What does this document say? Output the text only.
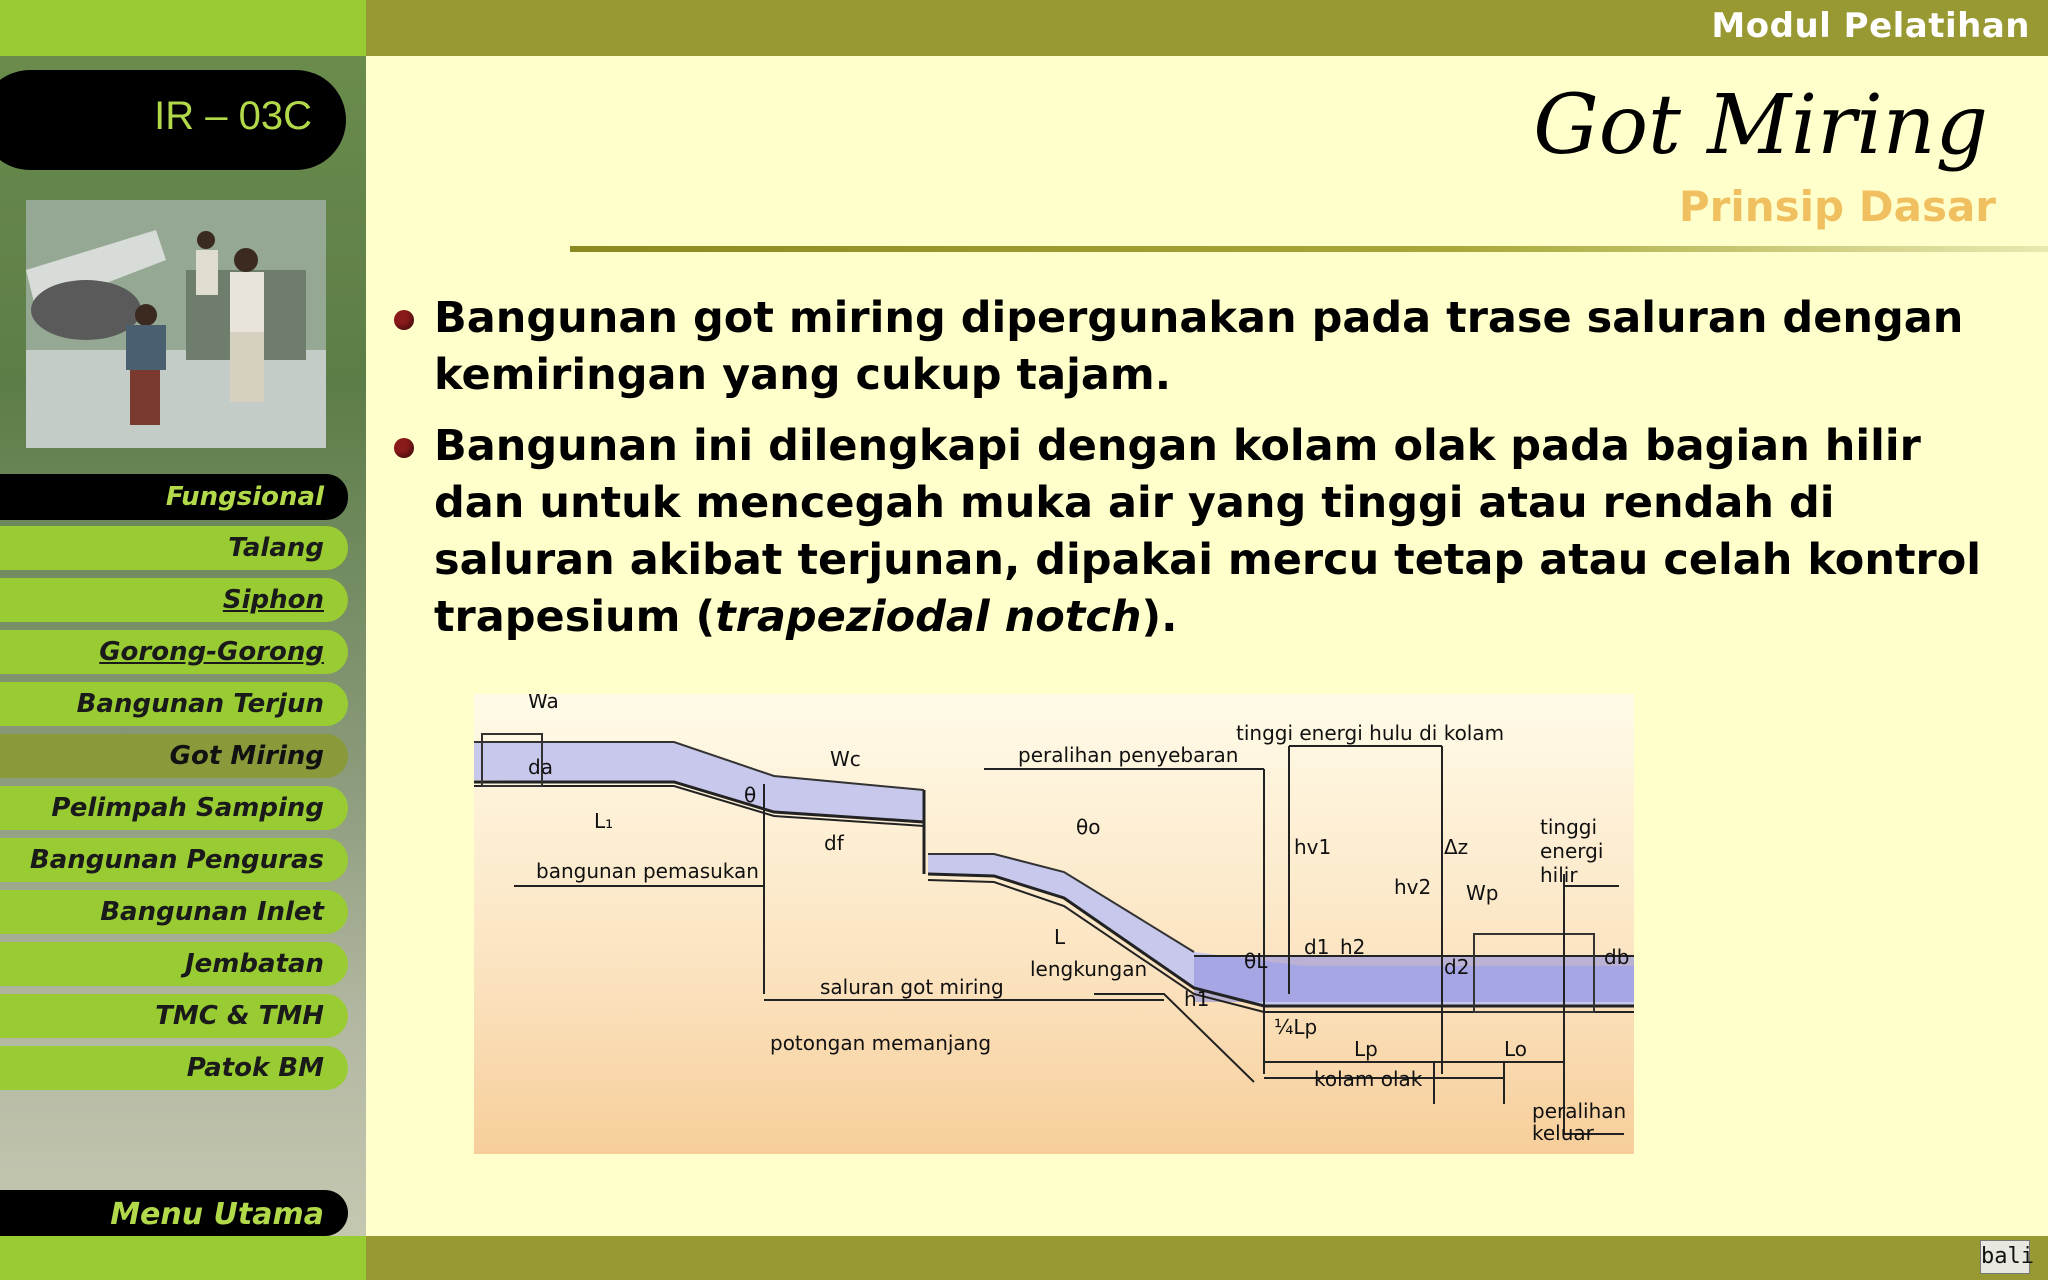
IR – 03C
Fungsional
Talang
Siphon
Gorong-Gorong
Bangunan Terjun
Got Miring
Pelimpah Samping
Bangunan Penguras
Bangunan Inlet
Jembatan
TMC & TMH
Patok BM
Menu Utama
Modul Pelatihan
bali
Got Miring
Prinsip Dasar
Bangunan got miring dipergunakan pada trase saluran dengan kemiringan yang cukup tajam.
Bangunan ini dilengkapi dengan kolam olak pada bagian hilir dan untuk mencegah muka air yang tinggi atau rendah di saluran akibat terjunan, dipakai mercu tetap atau celah kontrol trapesium (trapeziodal notch).
Wa
da
L₁
θ
Wc
df
bangunan pemasukan
peralihan penyebaran
θo
tinggi energi hulu di kolam
hv1	Δz
tinggi
energi
hilir
hv2 Wp
L
lengkungan	θL
d1 h2
d2	db
h1
saluran got miring
potongan memanjang
¼Lp
Lp	Lo
kolam olak
peralihan
keluar
